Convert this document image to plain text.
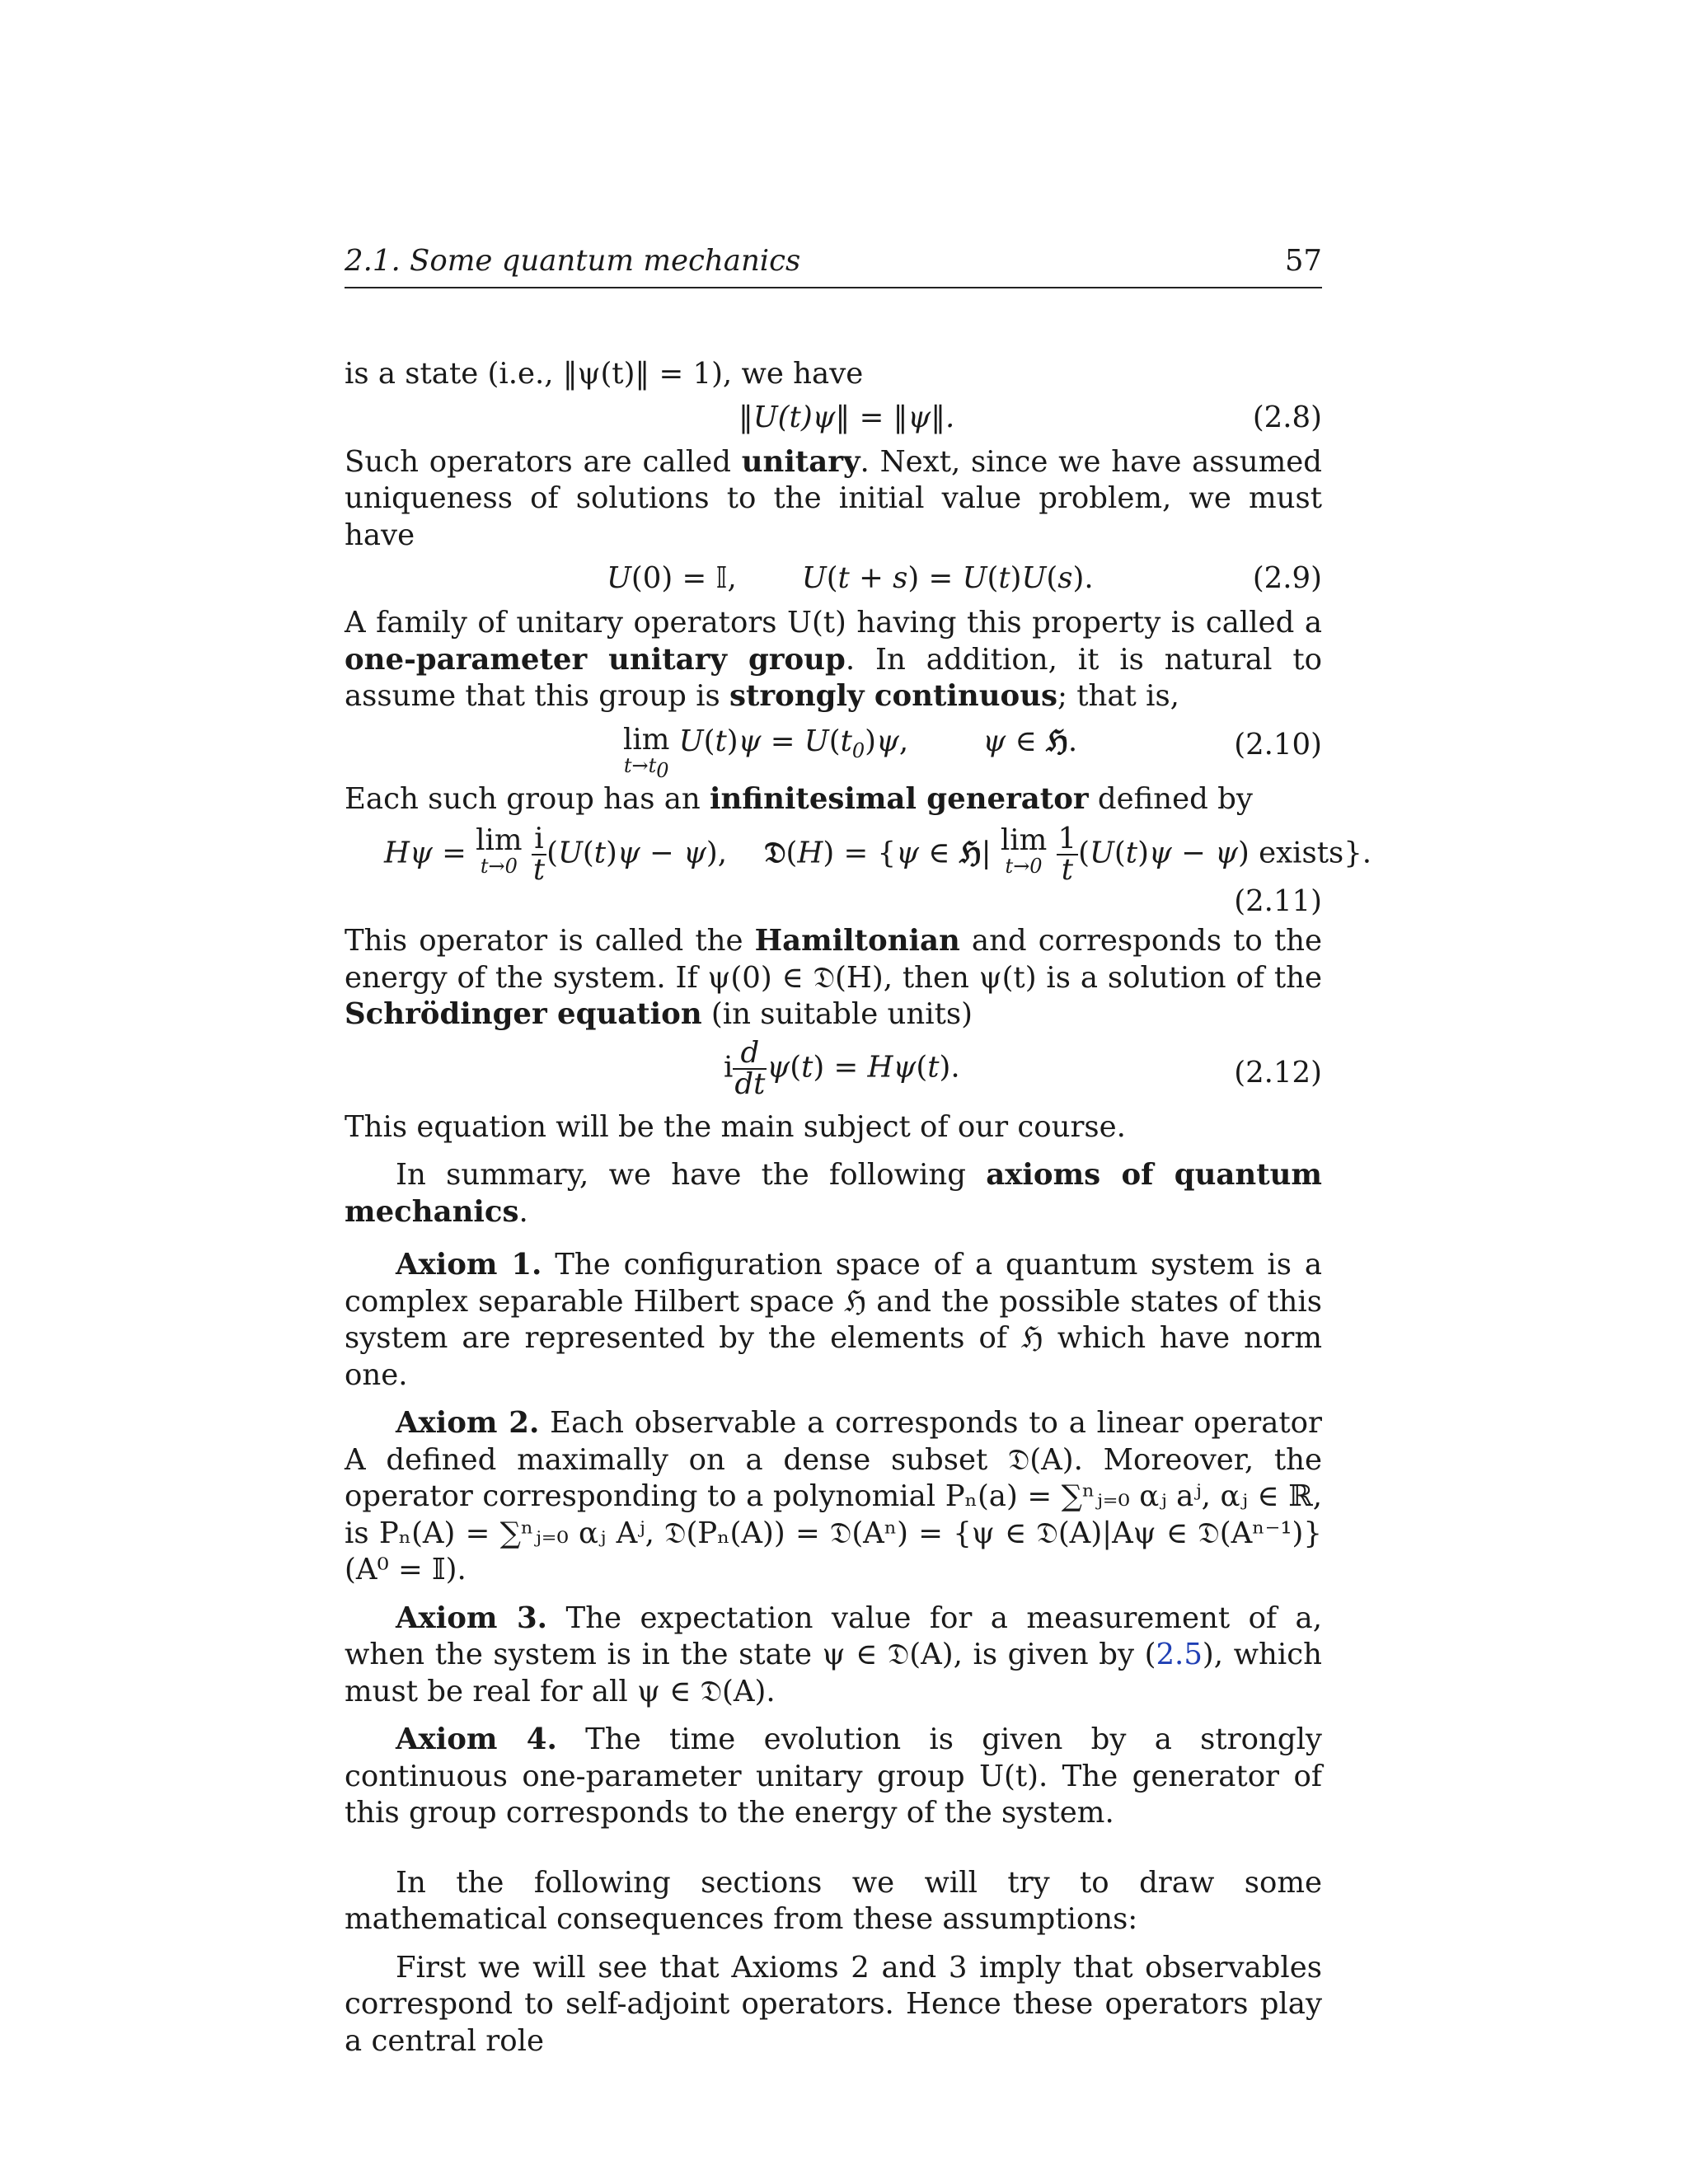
2.1. Some quantum mechanics	57

is a state (i.e., ‖ψ(t)‖ = 1), we have

‖U(t)ψ‖ = ‖ψ‖.	(2.8)

Such operators are called unitary. Next, since we have assumed uniqueness of solutions to the initial value problem, we must have

U(0) = 𝕀, U(t + s) = U(t)U(s).	(2.9)

A family of unitary operators U(t) having this property is called a one-parameter unitary group. In addition, it is natural to assume that this group is strongly continuous; that is,

lim
$t\to t_0$
$U(t)\psi = U(t_0)\psi$,	ψ ∈ ℌ.	(2.10)

Each such group has an infinitesimal generator defined by

Hψ = lim
t→0
$\frac{i}{t} (U(t)\psi - \psi)$, 𝔇(H) = {ψ ∈ ℌ| lim
t→0
$\frac{1}{t} (U(t)\psi - \psi)$ exists}.
(2.11)

This operator is called the Hamiltonian and corresponds to the energy of the system. If ψ(0) ∈ 𝔇(H), then ψ(t) is a solution of the Schrödinger equation (in suitable units)

i $\frac{d}{dt} \psi(t) = H\psi(t)$.	(2.12)

This equation will be the main subject of our course.

In summary, we have the following axioms of quantum mechanics.

Axiom 1. The configuration space of a quantum system is a complex separable Hilbert space ℌ and the possible states of this system are represented by the elements of ℌ which have norm one.

Axiom 2. Each observable a corresponds to a linear operator A defined maximally on a dense subset 𝔇(A). Moreover, the operator corresponding to a polynomial Pₙ(a) = ∑ⁿⱼ₌₀ αⱼ aʲ, αⱼ ∈ ℝ, is Pₙ(A) = ∑ⁿⱼ₌₀ αⱼ Aʲ, 𝔇(Pₙ(A)) = 𝔇(Aⁿ) = {ψ ∈ 𝔇(A)|Aψ ∈ 𝔇(Aⁿ⁻¹)} (A⁰ = 𝕀).

Axiom 3. The expectation value for a measurement of a, when the system is in the state ψ ∈ 𝔇(A), is given by (2.5), which must be real for all ψ ∈ 𝔇(A).

Axiom 4. The time evolution is given by a strongly continuous one-parameter unitary group U(t). The generator of this group corresponds to the energy of the system.

In the following sections we will try to draw some mathematical consequences from these assumptions:

First we will see that Axioms 2 and 3 imply that observables correspond to self-adjoint operators. Hence these operators play a central role
